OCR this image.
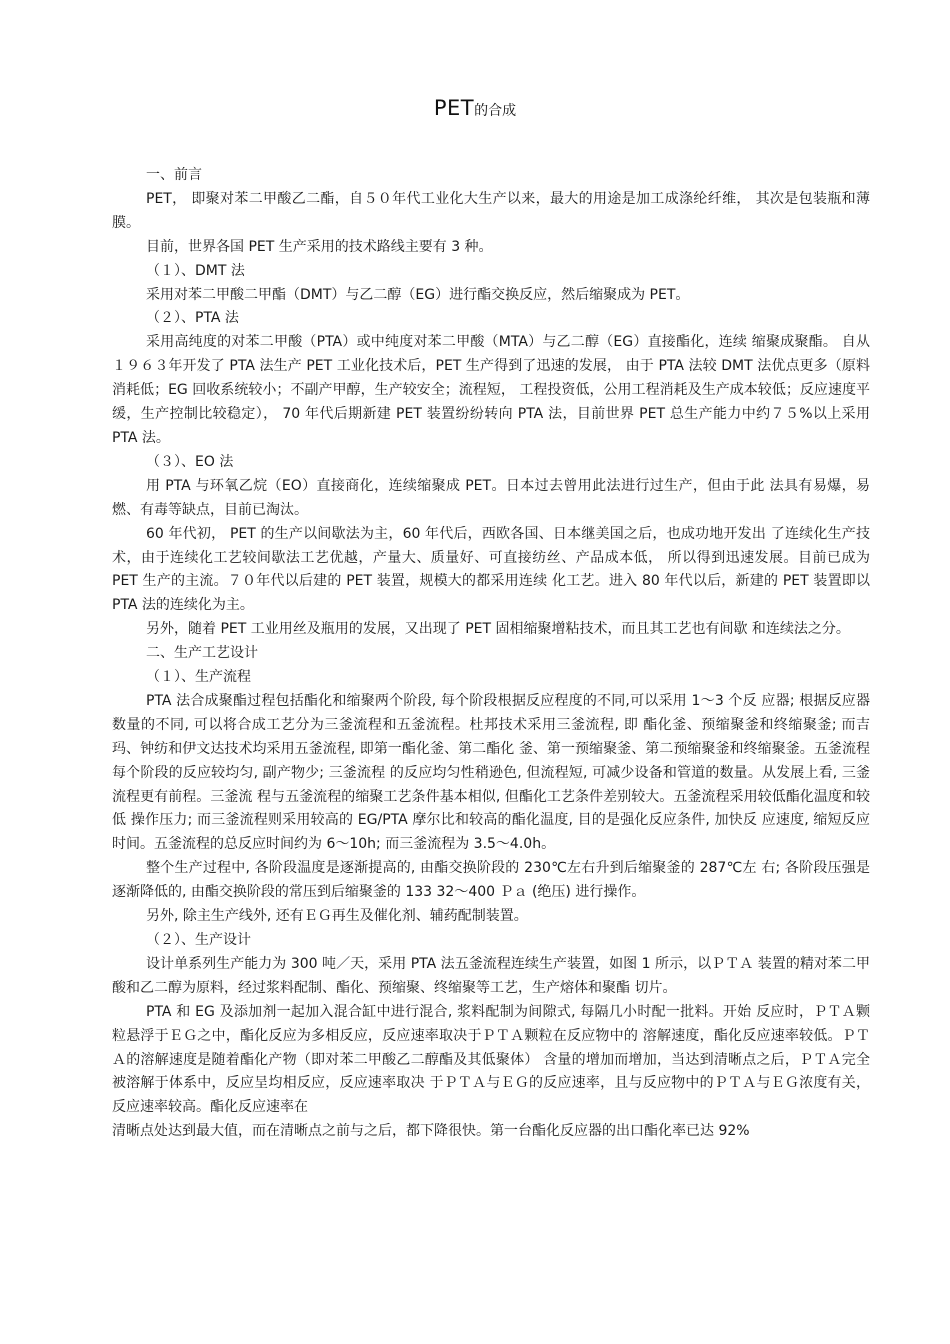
PET的合成

一、前言

PET， 即聚对苯二甲酸乙二酯，自５０年代工业化大生产以来，最大的用途是加工成涤纶纤维， 其次是包装瓶和薄膜。

目前，世界各国 PET 生产采用的技术路线主要有 3 种。

（１）、DMT 法

采用对苯二甲酸二甲酯（DMT）与乙二醇（EG）进行酯交换反应，然后缩聚成为 PET。

（２）、PTA 法

采用高纯度的对苯二甲酸（PTA）或中纯度对苯二甲酸（MTA）与乙二醇（EG）直接酯化，连续 缩聚成聚酯。 自从１９６３年开发了 PTA 法生产 PET 工业化技术后，PET 生产得到了迅速的发展， 由于 PTA 法较 DMT 法优点更多（原料消耗低；EG 回收系统较小；不副产甲醇，生产较安全；流程短， 工程投资低，公用工程消耗及生产成本较低；反应速度平缓，生产控制比较稳定）， 70 年代后期新建 PET 装置纷纷转向 PTA 法，目前世界 PET 总生产能力中约７５%以上采用 PTA 法。

（３）、EO 法

用 PTA 与环氧乙烷（EO）直接商化，连续缩聚成 PET。日本过去曾用此法进行过生产，但由于此 法具有易爆，易燃、有毒等缺点，目前已淘汰。

60 年代初， PET 的生产以间歇法为主，60 年代后，西欧各国、日本继美国之后，也成功地开发出 了连续化生产技术，由于连续化工艺较间歇法工艺优越，产量大、质量好、可直接纺丝、产品成本低， 所以得到迅速发展。目前已成为 PET 生产的主流。７０年代以后建的 PET 装置，规模大的都采用连续 化工艺。进入 80 年代以后，新建的 PET 装置即以 PTA 法的连续化为主。

另外，随着 PET 工业用丝及瓶用的发展，又出现了 PET 固相缩聚增粘技术，而且其工艺也有间歇 和连续法之分。

二、生产工艺设计

（１）、生产流程

PTA 法合成聚酯过程包括酯化和缩聚两个阶段, 每个阶段根据反应程度的不同,可以采用 1～3 个反 应器; 根据反应器数量的不同, 可以将合成工艺分为三釜流程和五釜流程。杜邦技术采用三釜流程, 即 酯化釜、预缩聚釜和终缩聚釜; 而吉玛、钟纺和伊文达技术均采用五釜流程, 即第一酯化釜、第二酯化 釜、第一预缩聚釜、第二预缩聚釜和终缩聚釜。五釜流程每个阶段的反应较均匀, 副产物少; 三釜流程 的反应均匀性稍逊色, 但流程短, 可减少设备和管道的数量。从发展上看, 三釜流程更有前程。三釜流 程与五釜流程的缩聚工艺条件基本相似, 但酯化工艺条件差别较大。五釜流程采用较低酯化温度和较低 操作压力; 而三釜流程则采用较高的 EG/PTA 摩尔比和较高的酯化温度, 目的是强化反应条件, 加快反 应速度, 缩短反应时间。五釜流程的总反应时间约为 6～10h; 而三釜流程为 3.5～4.0h。

整个生产过程中, 各阶段温度是逐渐提高的, 由酯交换阶段的 230℃左右升到后缩聚釜的 287℃左 右; 各阶段压强是逐渐降低的, 由酯交换阶段的常压到后缩聚釜的 133 32～400 Ｐａ (绝压) 进行操作。

另外, 除主生产线外, 还有ＥＧ再生及催化剂、辅药配制装置。

（２）、生产设计

设计单系列生产能力为 300 吨／天，采用 PTA 法五釜流程连续生产装置，如图 1 所示，以ＰＴＡ 装置的精对苯二甲酸和乙二醇为原料，经过浆料配制、酯化、预缩聚、终缩聚等工艺，生产熔体和聚酯 切片。

PTA 和 EG 及添加剂一起加入混合缸中进行混合, 浆料配制为间隙式, 每隔几小时配一批料。开始 反应时，ＰＴＡ颗粒悬浮于ＥＧ之中，酯化反应为多相反应，反应速率取决于ＰＴＡ颗粒在反应物中的 溶解速度，酯化反应速率较低。ＰＴＡ的溶解速度是随着酯化产物（即对苯二甲酸乙二醇酯及其低聚体） 含量的增加而增加，当达到清晰点之后，ＰＴＡ完全被溶解于体系中，反应呈均相反应，反应速率取决 于ＰＴＡ与ＥＧ的反应速率，且与反应物中的ＰＴＡ与ＥＧ浓度有关，反应速率较高。酯化反应速率在

清晰点处达到最大值，而在清晰点之前与之后，都下降很快。第一台酯化反应器的出口酯化率已达 92%
